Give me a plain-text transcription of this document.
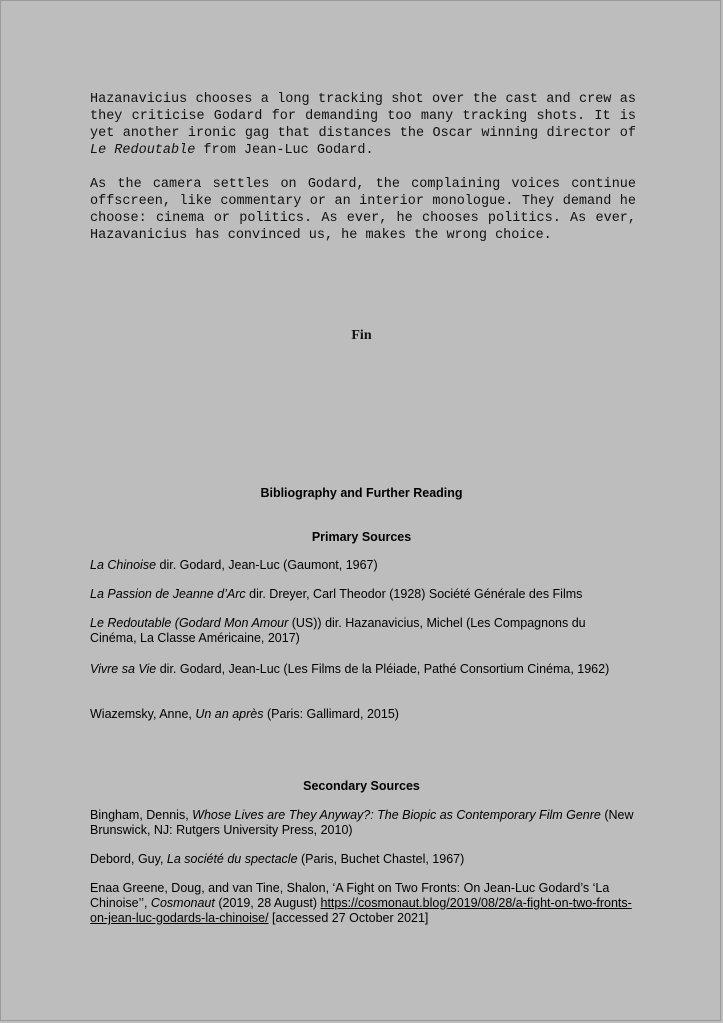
Hazanavicius chooses a long tracking shot over the cast and crew as they criticise Godard for demanding too many tracking shots. It is yet another ironic gag that distances the Oscar winning director of Le Redoutable from Jean-Luc Godard.

As the camera settles on Godard, the complaining voices continue offscreen, like commentary or an interior monologue. They demand he choose: cinema or politics. As ever, he chooses politics. As ever, Hazavanicius has convinced us, he makes the wrong choice.

Fin

Bibliography and Further Reading

Primary Sources

La Chinoise dir. Godard, Jean-Luc (Gaumont, 1967)

La Passion de Jeanne d’Arc dir. Dreyer, Carl Theodor (1928) Société Générale des Films

Le Redoutable (Godard Mon Amour (US)) dir. Hazanavicius, Michel (Les Compagnons du Cinéma, La Classe Américaine, 2017)

Vivre sa Vie dir. Godard, Jean-Luc (Les Films de la Pléiade, Pathé Consortium Cinéma, 1962)

Wiazemsky, Anne, Un an après (Paris: Gallimard, 2015)

Secondary Sources

Bingham, Dennis, Whose Lives are They Anyway?: The Biopic as Contemporary Film Genre (New Brunswick, NJ: Rutgers University Press, 2010)

Debord, Guy, La société du spectacle (Paris, Buchet Chastel, 1967)

Enaa Greene, Doug, and van Tine, Shalon, ‘A Fight on Two Fronts: On Jean-Luc Godard’s ‘La Chinoise’’, Cosmonaut (2019, 28 August) https://cosmonaut.blog/2019/08/28/a-fight-on-two-fronts-on-jean-luc-godards-la-chinoise/ [accessed 27 October 2021]
